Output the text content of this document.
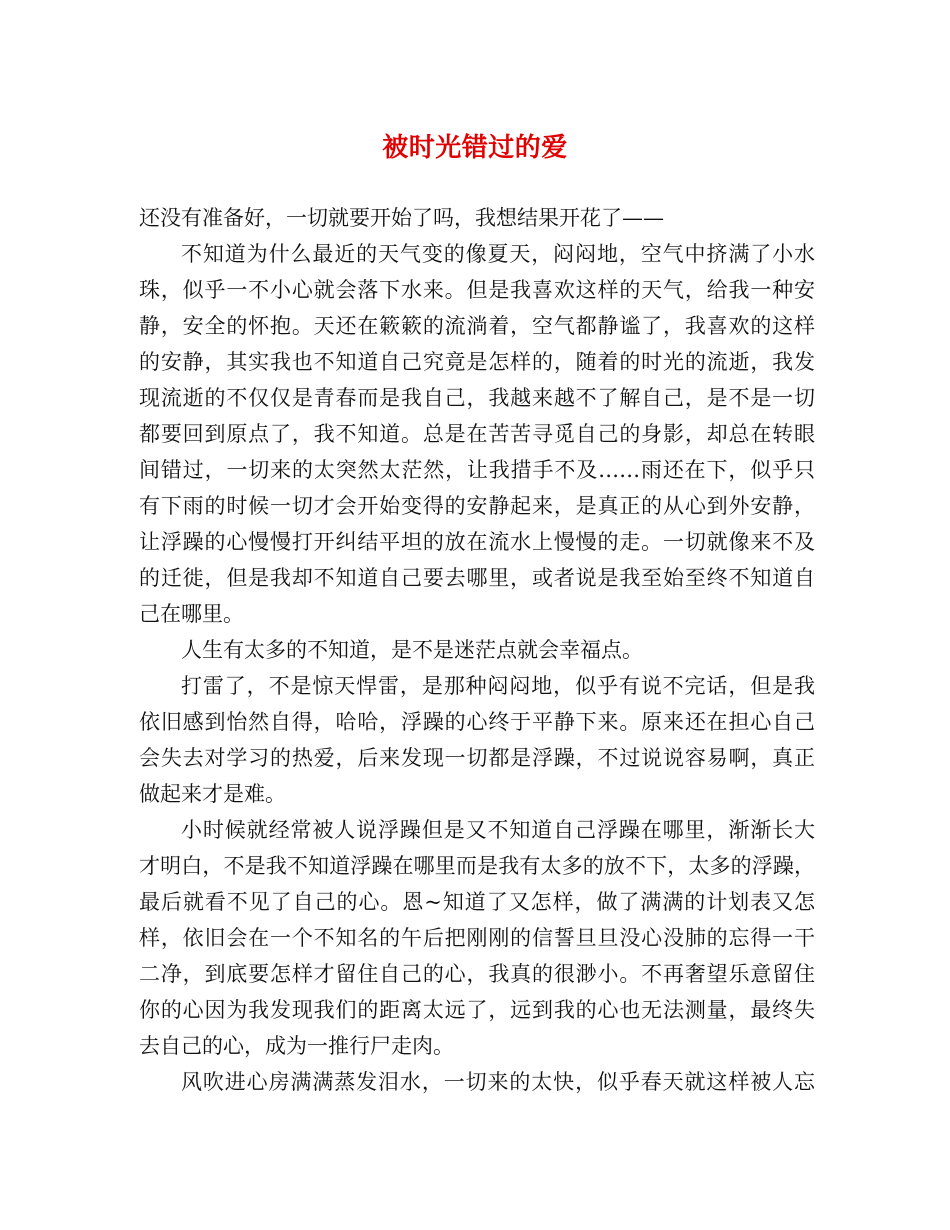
被时光错过的爱
还没有准备好，一切就要开始了吗，我想结果开花了——
不知道为什么最近的天气变的像夏天，闷闷地，空气中挤满了小水
珠，似乎一不小心就会落下水来。但是我喜欢这样的天气，给我一种安
静，安全的怀抱。天还在簌簌的流淌着，空气都静谧了，我喜欢的这样
的安静，其实我也不知道自己究竟是怎样的，随着的时光的流逝，我发
现流逝的不仅仅是青春而是我自己，我越来越不了解自己，是不是一切
都要回到原点了，我不知道。总是在苦苦寻觅自己的身影，却总在转眼
间错过，一切来的太突然太茫然，让我措手不及……雨还在下，似乎只
有下雨的时候一切才会开始变得的安静起来，是真正的从心到外安静，
让浮躁的心慢慢打开纠结平坦的放在流水上慢慢的走。一切就像来不及
的迁徙，但是我却不知道自己要去哪里，或者说是我至始至终不知道自
己在哪里。
人生有太多的不知道，是不是迷茫点就会幸福点。
打雷了，不是惊天悍雷，是那种闷闷地，似乎有说不完话，但是我
依旧感到怡然自得，哈哈，浮躁的心终于平静下来。原来还在担心自己
会失去对学习的热爱，后来发现一切都是浮躁，不过说说容易啊，真正
做起来才是难。
小时候就经常被人说浮躁但是又不知道自己浮躁在哪里，渐渐长大
才明白，不是我不知道浮躁在哪里而是我有太多的放不下，太多的浮躁，
最后就看不见了自己的心。恩~知道了又怎样，做了满满的计划表又怎
样，依旧会在一个不知名的午后把刚刚的信誓旦旦没心没肺的忘得一干
二净，到底要怎样才留住自己的心，我真的很渺小。不再奢望乐意留住
你的心因为我发现我们的距离太远了，远到我的心也无法测量，最终失
去自己的心，成为一推行尸走肉。
风吹进心房满满蒸发泪水，一切来的太快，似乎春天就这样被人忘
